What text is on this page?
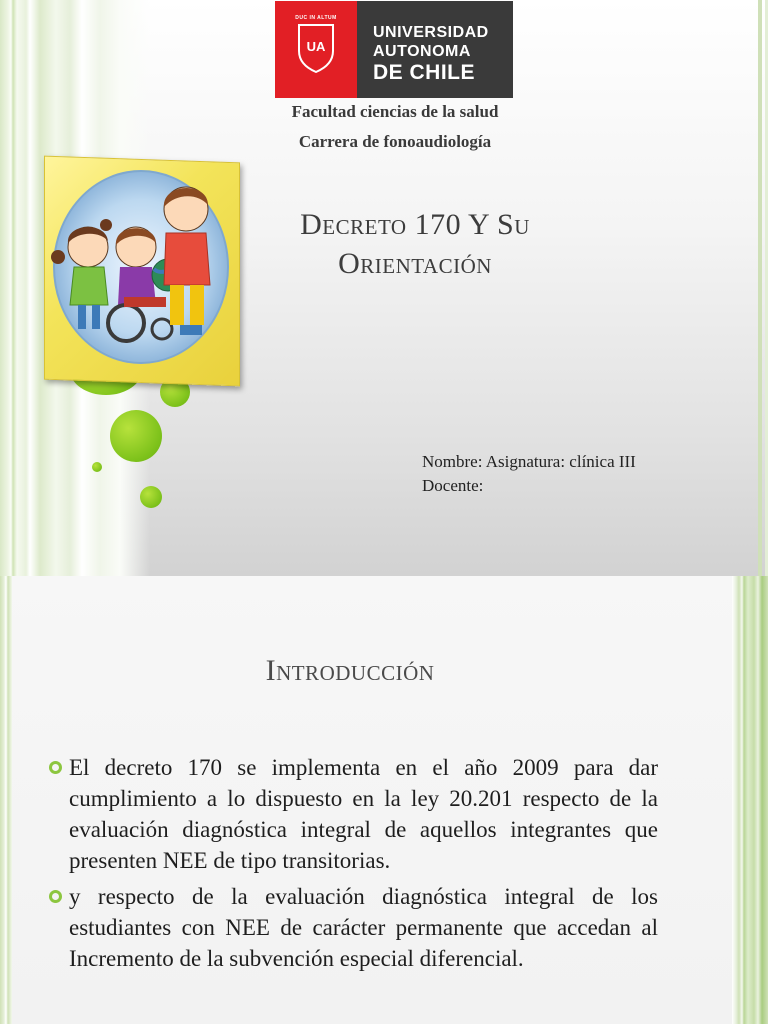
DUC IN ALTUM
UA
UNIVERSIDAD
AUTONOMA
DE CHILE
Facultad ciencias de la salud
Carrera de fonoaudiología
Decreto 170 Y Su
Orientación
Nombre: Asignatura: clínica III
Docente:
Introducción
El decreto 170 se implementa en el año 2009 para dar cumplimiento a lo dispuesto en la ley 20.201 respecto de la evaluación diagnóstica integral de aquellos integrantes que presenten NEE de tipo transitorias.
y respecto de la evaluación diagnóstica integral de los estudiantes con NEE de carácter permanente que accedan al Incremento de la subvención especial diferencial.
